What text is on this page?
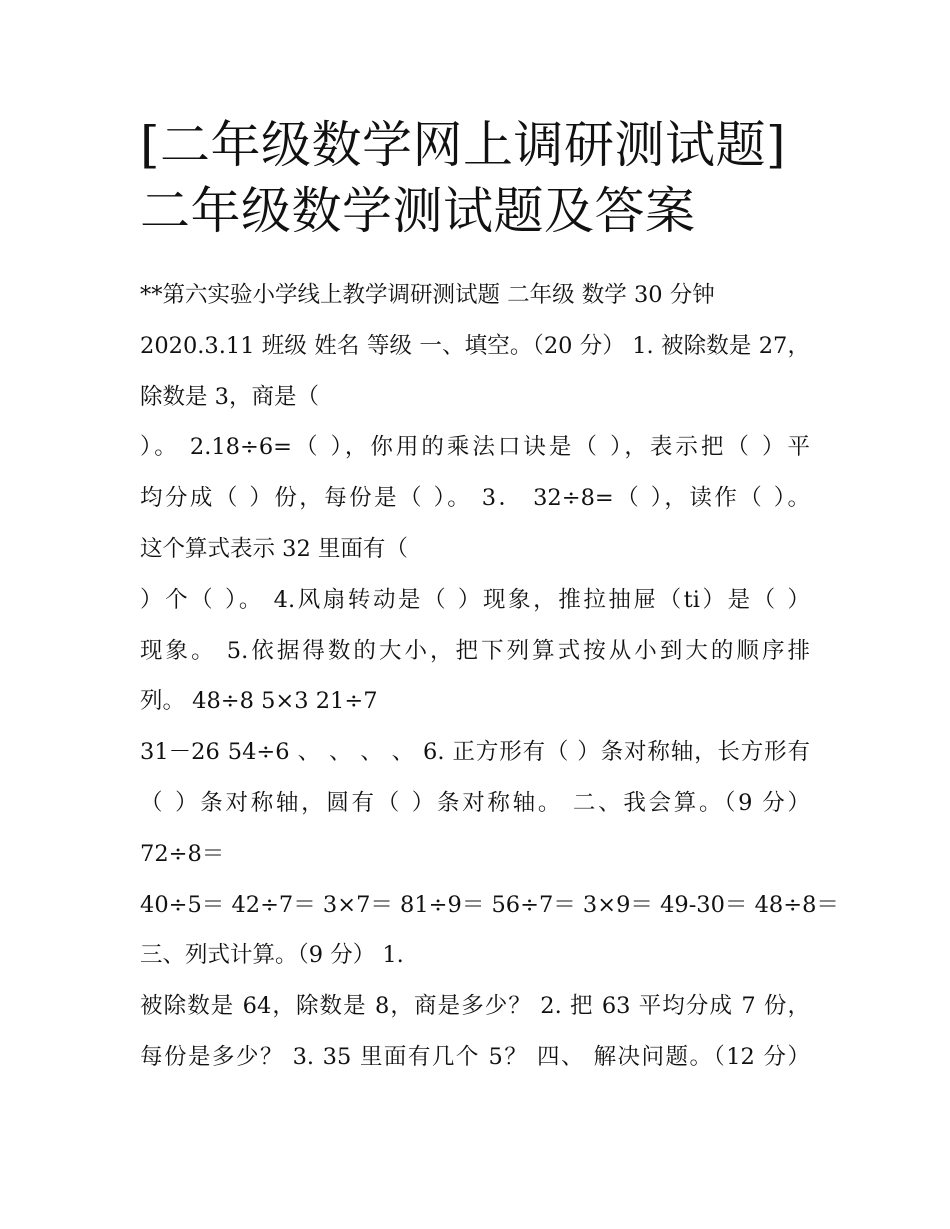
[二年级数学网上调研测试题]
二年级数学测试题及答案
**第六实验小学线上教学调研测试题 二年级 数学 30 分钟
2020.3.11 班级 姓名 等级 一、填空。（20 分） 1. 被除数是 27，
除数是 3，商是（
）。 2.18÷6=（ ），你用的乘法口诀是（ ），表示把（ ）平
均分成（ ）份，每份是（ ）。 3． 32÷8=（ ），读作（ ）。
这个算式表示 32 里面有（
）个（ ）。 4.风扇转动是（ ）现象，推拉抽屉（ti）是（ ）
现象。 5.依据得数的大小，把下列算式按从小到大的顺序排
列。 48÷8 5×3 21÷7
31－26 54÷6 、 、 、 、 6. 正方形有（ ）条对称轴，长方形有
（ ）条对称轴，圆有（ ）条对称轴。 二、我会算。（9 分）
72÷8＝
40÷5＝ 42÷7＝ 3×7＝ 81÷9＝ 56÷7＝ 3×9＝ 49-30＝ 48÷8＝
三、列式计算。（9 分） 1.
被除数是 64，除数是 8，商是多少？ 2. 把 63 平均分成 7 份，
每份是多少？ 3. 35 里面有几个 5？ 四、 解决问题。（12 分）
